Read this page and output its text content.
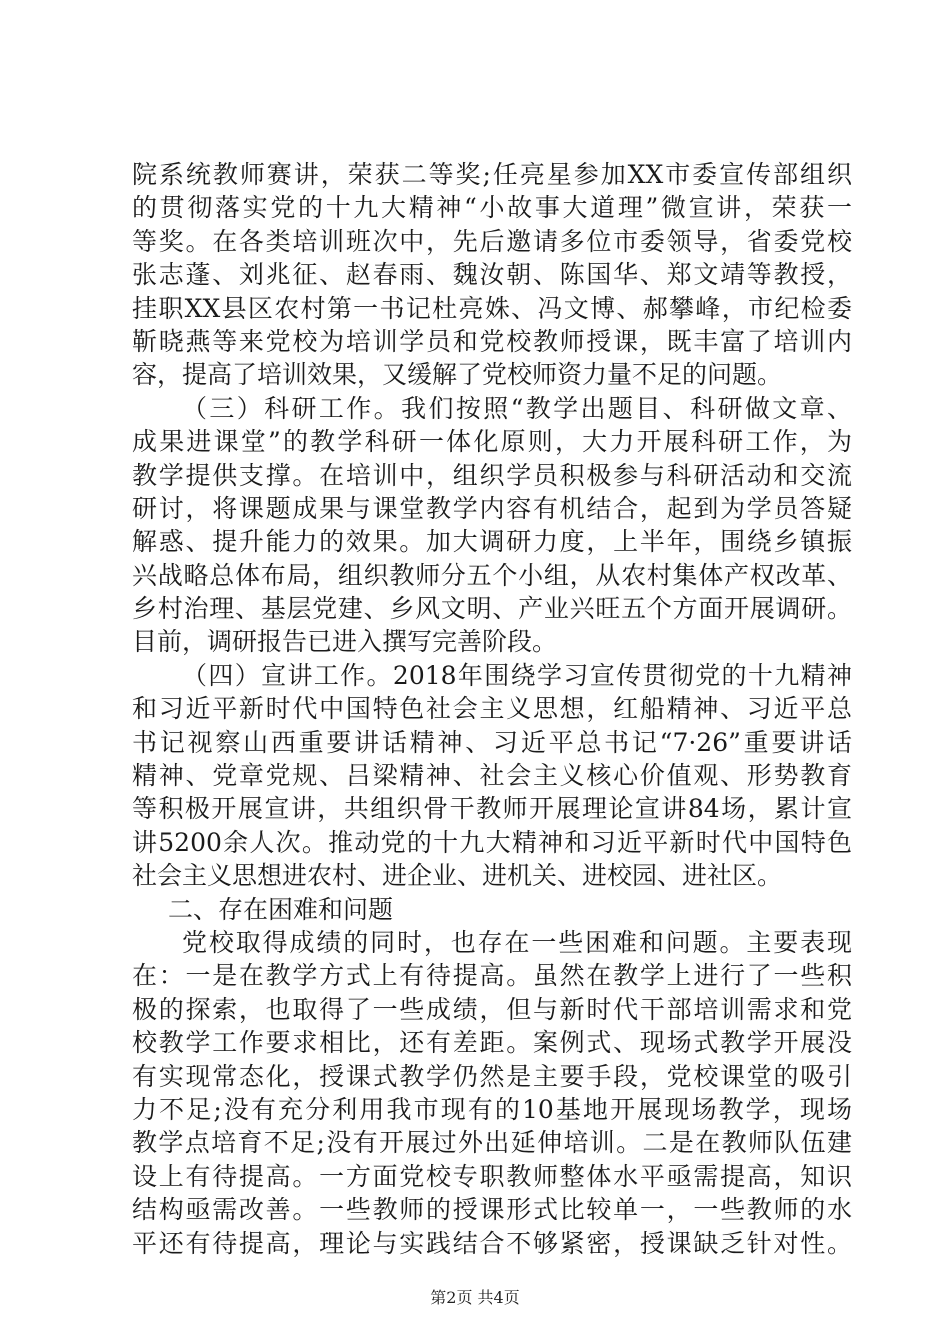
院系统教师赛讲，荣获二等奖;任亮星参加XX市委宣传部组织
的贯彻落实党的十九大精神“小故事大道理”微宣讲，荣获一
等奖。在各类培训班次中，先后邀请多位市委领导，省委党校
张志蓬、刘兆征、赵春雨、魏汝朝、陈国华、郑文靖等教授，
挂职XX县区农村第一书记杜亮姝、冯文博、郝攀峰，市纪检委
靳晓燕等来党校为培训学员和党校教师授课，既丰富了培训内
容，提高了培训效果，又缓解了党校师资力量不足的问题。
（三）科研工作。我们按照“教学出题目、科研做文章、
成果进课堂”的教学科研一体化原则，大力开展科研工作，为
教学提供支撑。在培训中，组织学员积极参与科研活动和交流
研讨，将课题成果与课堂教学内容有机结合，起到为学员答疑
解惑、提升能力的效果。加大调研力度，上半年，围绕乡镇振
兴战略总体布局，组织教师分五个小组，从农村集体产权改革、
乡村治理、基层党建、乡风文明、产业兴旺五个方面开展调研。
目前，调研报告已进入撰写完善阶段。
（四）宣讲工作。2018年围绕学习宣传贯彻党的十九精神
和习近平新时代中国特色社会主义思想，红船精神、习近平总
书记视察山西重要讲话精神、习近平总书记“7·26”重要讲话
精神、党章党规、吕梁精神、社会主义核心价值观、形势教育
等积极开展宣讲，共组织骨干教师开展理论宣讲84场，累计宣
讲5200余人次。推动党的十九大精神和习近平新时代中国特色
社会主义思想进农村、进企业、进机关、进校园、进社区。
二、存在困难和问题
党校取得成绩的同时，也存在一些困难和问题。主要表现
在：一是在教学方式上有待提高。虽然在教学上进行了一些积
极的探索，也取得了一些成绩，但与新时代干部培训需求和党
校教学工作要求相比，还有差距。案例式、现场式教学开展没
有实现常态化，授课式教学仍然是主要手段，党校课堂的吸引
力不足;没有充分利用我市现有的10基地开展现场教学，现场
教学点培育不足;没有开展过外出延伸培训。二是在教师队伍建
设上有待提高。一方面党校专职教师整体水平亟需提高，知识
结构亟需改善。一些教师的授课形式比较单一，一些教师的水
平还有待提高，理论与实践结合不够紧密，授课缺乏针对性。
第2页 共4页
